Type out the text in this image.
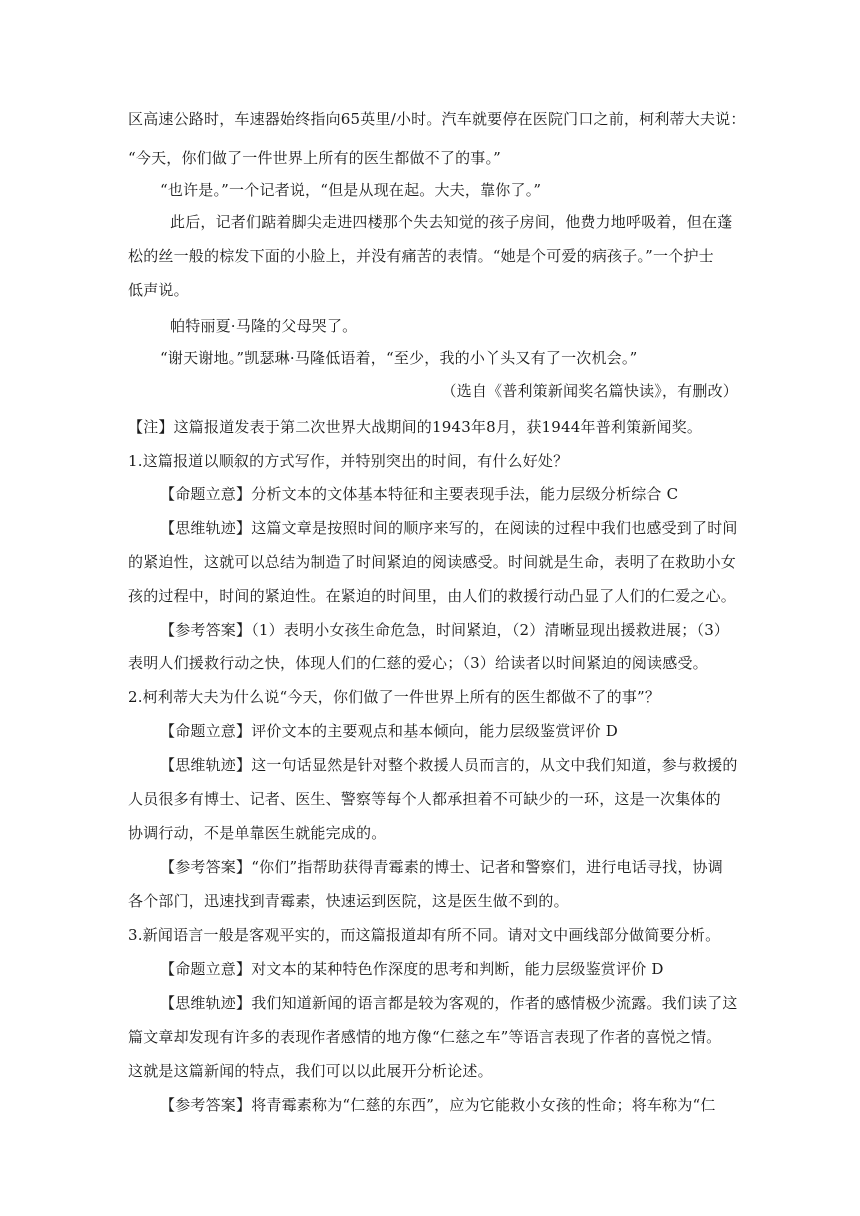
区高速公路时，车速器始终指向65英里/小时。汽车就要停在医院门口之前，柯利蒂大夫说：
“今天，你们做了一件世界上所有的医生都做不了的事。”
“也许是。”一个记者说，“但是从现在起。大夫，靠你了。”
此后，记者们踮着脚尖走进四楼那个失去知觉的孩子房间，他费力地呼吸着，但在蓬
松的丝一般的棕发下面的小脸上，并没有痛苦的表情。“她是个可爱的病孩子。”一个护士
低声说。
帕特丽夏·马隆的父母哭了。
“谢天谢地。”凯瑟琳·马隆低语着，“至少，我的小丫头又有了一次机会。”
（选自《普利策新闻奖名篇快读》，有删改）
【注】这篇报道发表于第二次世界大战期间的1943年8月，获1944年普利策新闻奖。
1.这篇报道以顺叙的方式写作，并特别突出的时间，有什么好处？
【命题立意】分析文本的文体基本特征和主要表现手法，能力层级分析综合 C
【思维轨迹】这篇文章是按照时间的顺序来写的，在阅读的过程中我们也感受到了时间
的紧迫性，这就可以总结为制造了时间紧迫的阅读感受。时间就是生命，表明了在救助小女
孩的过程中，时间的紧迫性。在紧迫的时间里，由人们的救援行动凸显了人们的仁爱之心。
【参考答案】（1）表明小女孩生命危急，时间紧迫，（2）清晰显现出援救进展；（3）
表明人们援救行动之快，体现人们的仁慈的爱心；（3）给读者以时间紧迫的阅读感受。
2.柯利蒂大夫为什么说“今天，你们做了一件世界上所有的医生都做不了的事”？
【命题立意】评价文本的主要观点和基本倾向，能力层级鉴赏评价 D
【思维轨迹】这一句话显然是针对整个救援人员而言的，从文中我们知道，参与救援的
人员很多有博士、记者、医生、警察等每个人都承担着不可缺少的一环，这是一次集体的
协调行动，不是单靠医生就能完成的。
【参考答案】“你们”指帮助获得青霉素的博士、记者和警察们，进行电话寻找，协调
各个部门，迅速找到青霉素，快速运到医院，这是医生做不到的。
3.新闻语言一般是客观平实的，而这篇报道却有所不同。请对文中画线部分做简要分析。
【命题立意】对文本的某种特色作深度的思考和判断，能力层级鉴赏评价 D
【思维轨迹】我们知道新闻的语言都是较为客观的，作者的感情极少流露。我们读了这
篇文章却发现有许多的表现作者感情的地方像“仁慈之车”等语言表现了作者的喜悦之情。
这就是这篇新闻的特点，我们可以以此展开分析论述。
【参考答案】将青霉素称为“仁慈的东西”，应为它能救小女孩的性命；将车称为“仁
